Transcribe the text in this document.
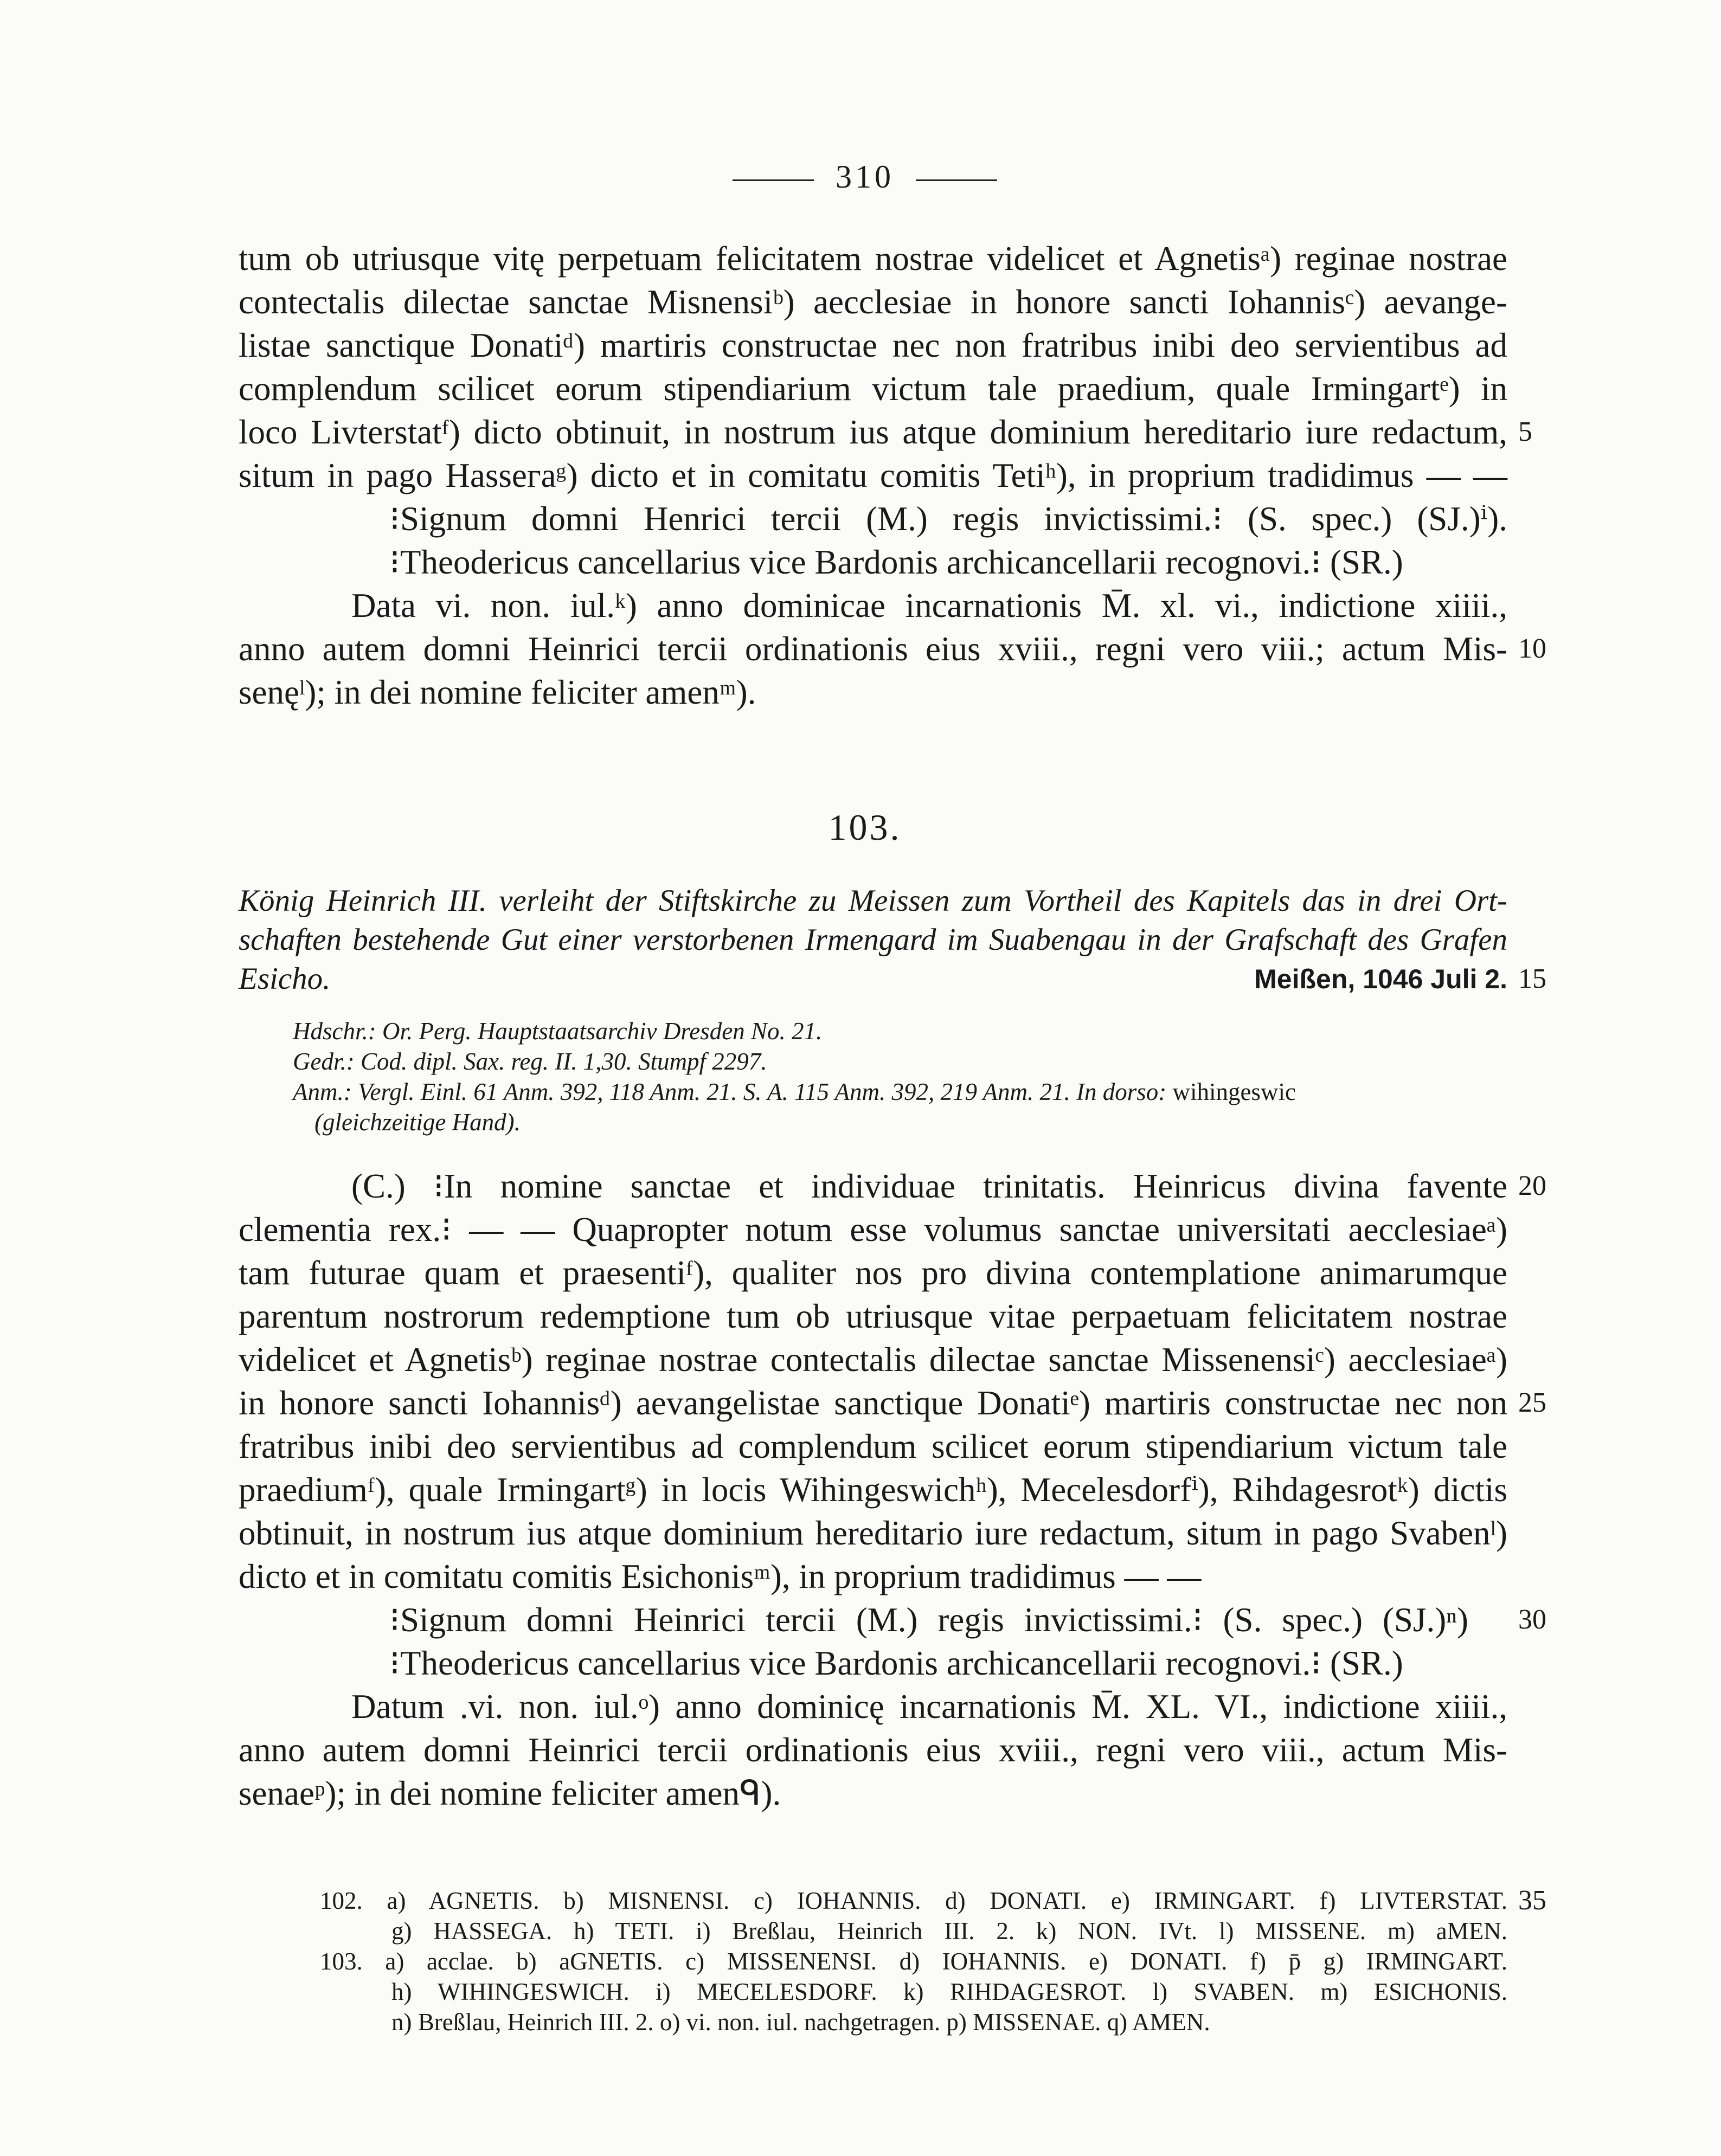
310
tum ob utriusque vitę perpetuam felicitatem nostrae videlicet et Agnetisᵃ) reginae nostrae
contectalis dilectae sanctae Misnensiᵇ) aecclesiae in honore sancti Iohannisᶜ) aevange-
listae sanctique Donatiᵈ) martiris constructae nec non fratribus inibi deo servientibus ad
complendum scilicet eorum stipendiarium victum tale praedium, quale Irmingartᵉ) in
loco Livterstatᶠ) dicto obtinuit, in nostrum ius atque dominium hereditario iure redactum,
situm in pago Hasseгaᵍ) dicto et in comitatu comitis Tetiʰ), in proprium tradidimus — —
⁝Signum domni Henrici tercii (M.) regis invictissimi.⁝ (S. spec.) (SJ.)ⁱ).
⁝Theodericus cancellarius vice Bardonis archicancellarii recognovi.⁝ (SR.)
Data vi. non. iul.ᵏ) anno dominicae incarnationis M̄. xl. vi., indictione xiiii.,
anno autem domni Heinrici tercii ordinationis eius xviii., regni vero viii.; actum Mis-
senęˡ); in dei nomine feliciter amenᵐ).
5
10
103.
König Heinrich III. verleiht der Stiftskirche zu Meissen zum Vortheil des Kapitels das in drei Ort-
schaften bestehende Gut einer verstorbenen Irmengard im Suabengau in der Grafschaft des Grafen
Esicho.	Meißen, 1046 Juli 2. 15
Hdschr.: Or. Perg. Hauptstaatsarchiv Dresden No. 21.
Gedr.: Cod. dipl. Sax. reg. II. 1,30. Stumpf 2297.
Anm.: Vergl. Einl. 61 Anm. 392, 118 Anm. 21. S. A. 115 Anm. 392, 219 Anm. 21. In dorso: wihingeswic
(gleichzeitige Hand).
(C.) ⁝In nomine sanctae et individuae trinitatis. Heinricus divina favente
clementia rex.⁝ — — Quapropter notum esse volumus sanctae universitati aecclesiaeᵃ)
tam futurae quam et praesentiᶠ), qualiter nos pro divina contemplatione animarumque
parentum nostrorum redemptione tum ob utriusque vitae perpaetuam felicitatem nostrae
videlicet et Agnetisᵇ) reginae nostrae contectalis dilectae sanctae Missenensiᶜ) aecclesiaeᵃ)
in honore sancti Iohannisᵈ) aevangelistae sanctique Donatiᵉ) martiris constructae nec non
fratribus inibi deo servientibus ad complendum scilicet eorum stipendiarium victum tale
praediumᶠ), quale Irmingartᵍ) in locis Wihingeswichʰ), Mecelesdorfⁱ), Rihdagesrotᵏ) dictis
obtinuit, in nostrum ius atque dominium hereditario iure redactum, situm in pago Svabenˡ)
dicto et in comitatu comitis Esichonisᵐ), in proprium tradidimus — —
⁝Signum domni Heinrici tercii (M.) regis invictissimi.⁝ (S. spec.) (SJ.)ⁿ)
⁝Theodericus cancellarius vice Bardonis archicancellarii recognovi.⁝ (SR.)
Datum .vi. non. iul.ᵒ) anno dominicę incarnationis M̄. XL. VI., indictione xiiii.,
anno autem domni Heinrici tercii ordinationis eius xviii., regni vero viii., actum Mis-
senaeᵖ); in dei nomine feliciter amenᑫ).
20
25
30
102. a) AGNETIS. b) MISNENSI. c) IOHANNIS. d) DONATI. e) IRMINGART. f) LIVTERSTAT.
g) HASSEGA. h) TETI. i) Breßlau, Heinrich III. 2. k) NON. IVt. l) MISSENE. m) aMEN.
103. a) acclae. b) aGNETIS. c) MISSENENSI. d) IOHANNIS. e) DONATI. f) p̄ g) IRMINGART.
h) WIHINGESWICH. i) MECELESDORF. k) RIHDAGESROT. l) SVABEN. m) ESICHONIS.
n) Breßlau, Heinrich III. 2. o) vi. non. iul. nachgetragen. p) MISSENAE. q) AMEN.
35
